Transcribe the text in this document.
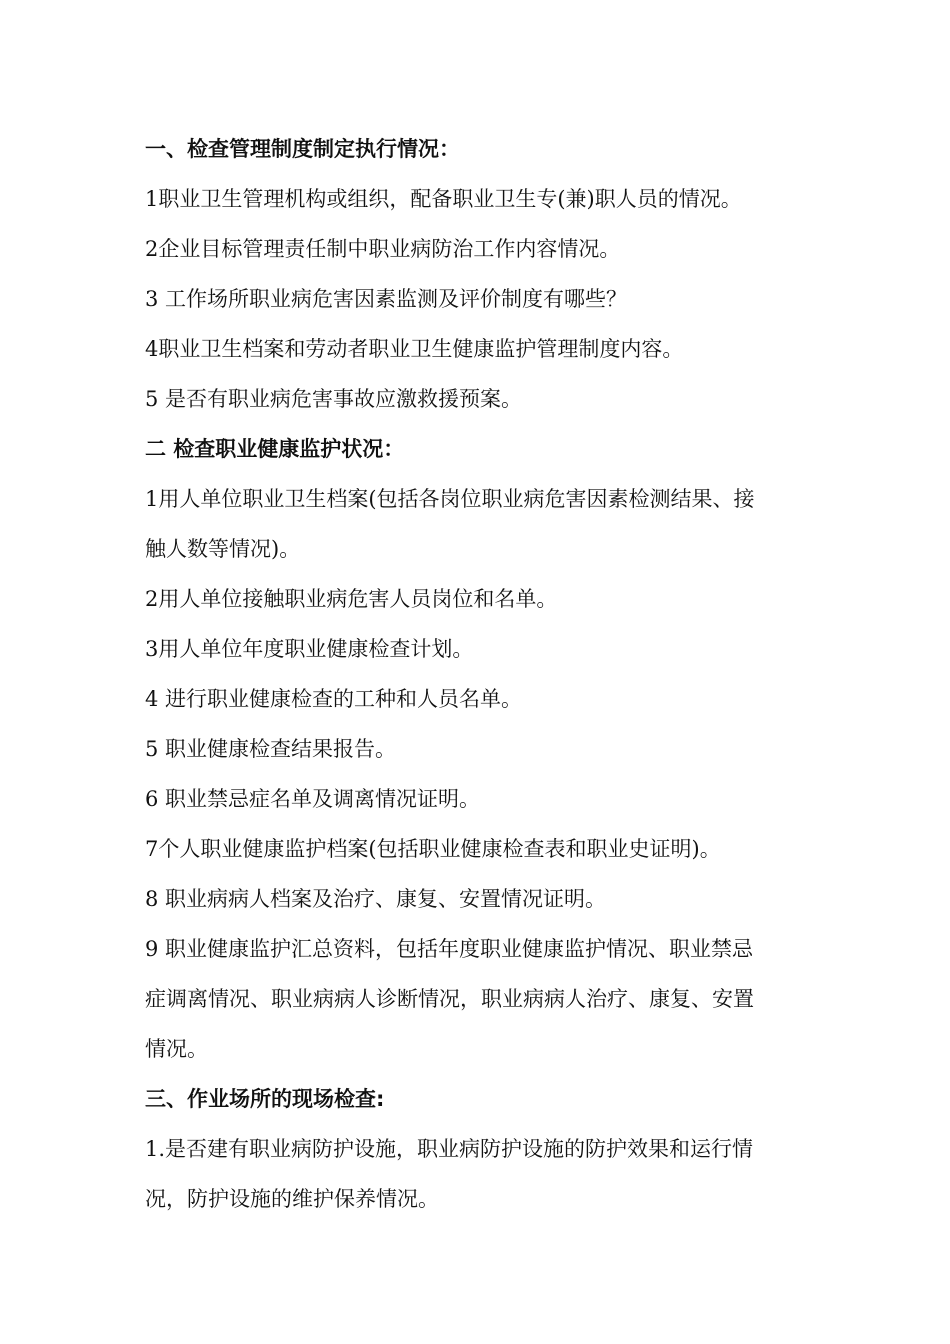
一、检查管理制度制定执行情况：
1职业卫生管理机构或组织，配备职业卫生专(兼)职人员的情况。
2企业目标管理责任制中职业病防治工作内容情况。
3 工作场所职业病危害因素监测及评价制度有哪些？
4职业卫生档案和劳动者职业卫生健康监护管理制度内容。
5 是否有职业病危害事故应激救援预案。
二 检查职业健康监护状况：
1用人单位职业卫生档案(包括各岗位职业病危害因素检测结果、接
触人数等情况)。
2用人单位接触职业病危害人员岗位和名单。
3用人单位年度职业健康检查计划。
4 进行职业健康检查的工种和人员名单。
5 职业健康检查结果报告。
6 职业禁忌症名单及调离情况证明。
7个人职业健康监护档案(包括职业健康检查表和职业史证明)。
8 职业病病人档案及治疗、康复、安置情况证明。
9 职业健康监护汇总资料，包括年度职业健康监护情况、职业禁忌
症调离情况、职业病病人诊断情况，职业病病人治疗、康复、安置
情况。
三、作业场所的现场检查:
1.是否建有职业病防护设施，职业病防护设施的防护效果和运行情
况，防护设施的维护保养情况。
